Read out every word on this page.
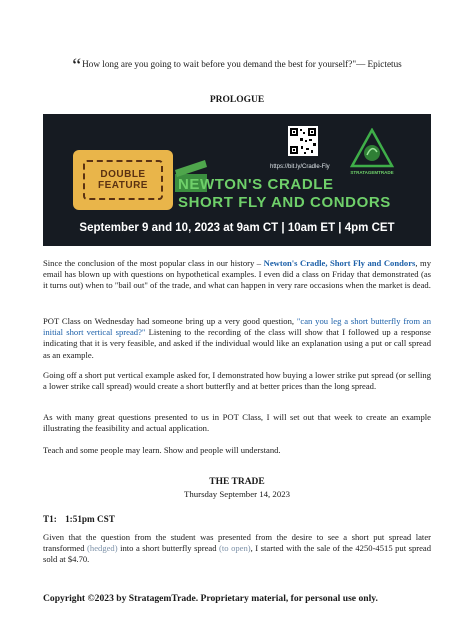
“How long are you going to wait before you demand the best for yourself?"— Epictetus
PROLOGUE
DOUBLE
FEATURE NEWTON'S CRADLE
SHORT FLY AND CONDORS
https://bit.ly/Cradle-Fly
STRATAGEMTRADE
September 9 and 10, 2023 at 9am CT | 10am ET | 4pm CET

Since the conclusion of the most popular class in our history – Newton's Cradle, Short Fly and Condors, my email has blown up with questions on hypothetical examples. I even did a class on Friday that demonstrated (as it turns out) when to "bail out" of the trade, and what can happen in very rare occasions when the market is dead.

POT Class on Wednesday had someone bring up a very good question, "can you leg a short butterfly from an initial short vertical spread?" Listening to the recording of the class will show that I followed up a response indicating that it is very feasible, and asked if the individual would like an explanation using a put or call spread as an example.

Going off a short put vertical example asked for, I demonstrated how buying a lower strike put spread (or selling a lower strike call spread) would create a short butterfly and at better prices than the long spread.

As with many great questions presented to us in POT Class, I will set out that week to create an example illustrating the feasibility and actual application.

Teach and some people may learn. Show and people will understand.

THE TRADE
Thursday September 14, 2023
T1: 1:51pm CST

Given that the question from the student was presented from the desire to see a short put spread later transformed (hedged) into a short butterfly spread (to open), I started with the sale of the 4250-4515 put spread sold at $4.70.

Copyright ©2023 by StratagemTrade. Proprietary material, for personal use only.
